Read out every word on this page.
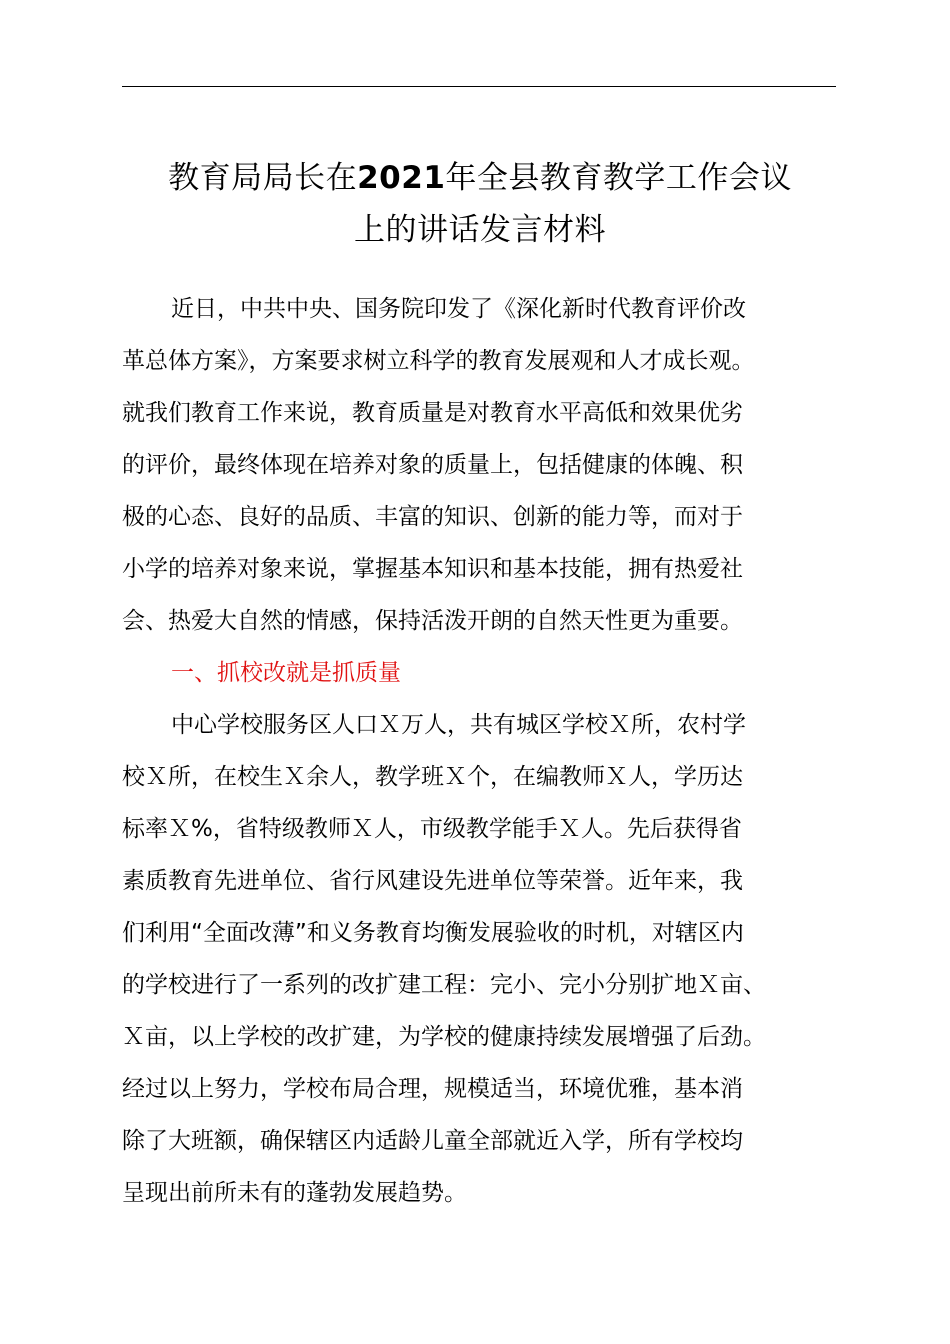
教育局局长在2021年全县教育教学工作会议
上的讲话发言材料
近日，中共中央、国务院印发了《深化新时代教育评价改
革总体方案》，方案要求树立科学的教育发展观和人才成长观。
就我们教育工作来说，教育质量是对教育水平高低和效果优劣
的评价，最终体现在培养对象的质量上，包括健康的体魄、积
极的心态、良好的品质、丰富的知识、创新的能力等，而对于
小学的培养对象来说，掌握基本知识和基本技能，拥有热爱社
会、热爱大自然的情感，保持活泼开朗的自然天性更为重要。
一、抓校改就是抓质量
中心学校服务区人口Ｘ万人，共有城区学校Ｘ所，农村学
校Ｘ所，在校生Ｘ余人，教学班Ｘ个，在编教师Ｘ人，学历达
标率Ｘ%，省特级教师Ｘ人，市级教学能手Ｘ人。先后获得省
素质教育先进单位、省行风建设先进单位等荣誉。近年来，我
们利用“全面改薄”和义务教育均衡发展验收的时机，对辖区内
的学校进行了一系列的改扩建工程：完小、完小分别扩地Ｘ亩、
Ｘ亩，以上学校的改扩建，为学校的健康持续发展增强了后劲。
经过以上努力，学校布局合理，规模适当，环境优雅，基本消
除了大班额，确保辖区内适龄儿童全部就近入学，所有学校均
呈现出前所未有的蓬勃发展趋势。
